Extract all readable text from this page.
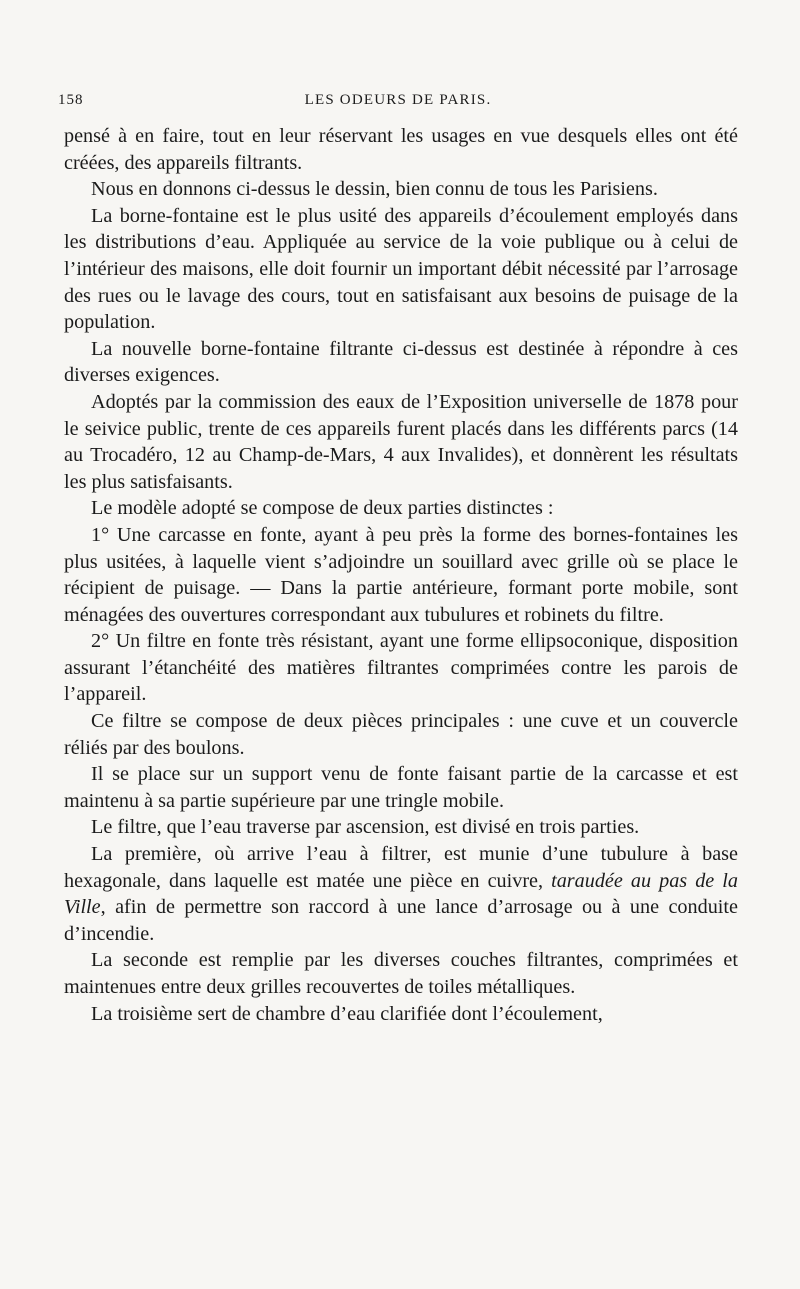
158	LES ODEURS DE PARIS.

pensé à en faire, tout en leur réservant les usages en vue desquels elles ont été créées, des appareils filtrants.

Nous en donnons ci-dessus le dessin, bien connu de tous les Parisiens.

La borne-fontaine est le plus usité des appareils d’écoulement employés dans les distributions d’eau. Appliquée au service de la voie publique ou à celui de l’intérieur des maisons, elle doit fournir un important débit nécessité par l’arrosage des rues ou le lavage des cours, tout en satisfaisant aux besoins de puisage de la population.

La nouvelle borne-fontaine filtrante ci-dessus est destinée à répondre à ces diverses exigences.

Adoptés par la commission des eaux de l’Exposition universelle de 1878 pour le seivice public, trente de ces appareils furent placés dans les différents parcs (14 au Trocadéro, 12 au Champ-de-Mars, 4 aux Invalides), et donnèrent les résultats les plus satisfaisants.

Le modèle adopté se compose de deux parties distinctes :

1° Une carcasse en fonte, ayant à peu près la forme des bornes-fontaines les plus usitées, à laquelle vient s’adjoindre un souillard avec grille où se place le récipient de puisage. — Dans la partie antérieure, formant porte mobile, sont ménagées des ouvertures correspondant aux tubulures et robinets du filtre.

2° Un filtre en fonte très résistant, ayant une forme ellipsoconique, disposition assurant l’étanchéité des matières filtrantes comprimées contre les parois de l’appareil.

Ce filtre se compose de deux pièces principales : une cuve et un couvercle réliés par des boulons.

Il se place sur un support venu de fonte faisant partie de la carcasse et est maintenu à sa partie supérieure par une tringle mobile.

Le filtre, que l’eau traverse par ascension, est divisé en trois parties.

La première, où arrive l’eau à filtrer, est munie d’une tubulure à base hexagonale, dans laquelle est matée une pièce en cuivre, taraudée au pas de la Ville, afin de permettre son raccord à une lance d’arrosage ou à une conduite d’incendie.

La seconde est remplie par les diverses couches filtrantes, comprimées et maintenues entre deux grilles recouvertes de toiles métalliques.

La troisième sert de chambre d’eau clarifiée dont l’écoulement,
